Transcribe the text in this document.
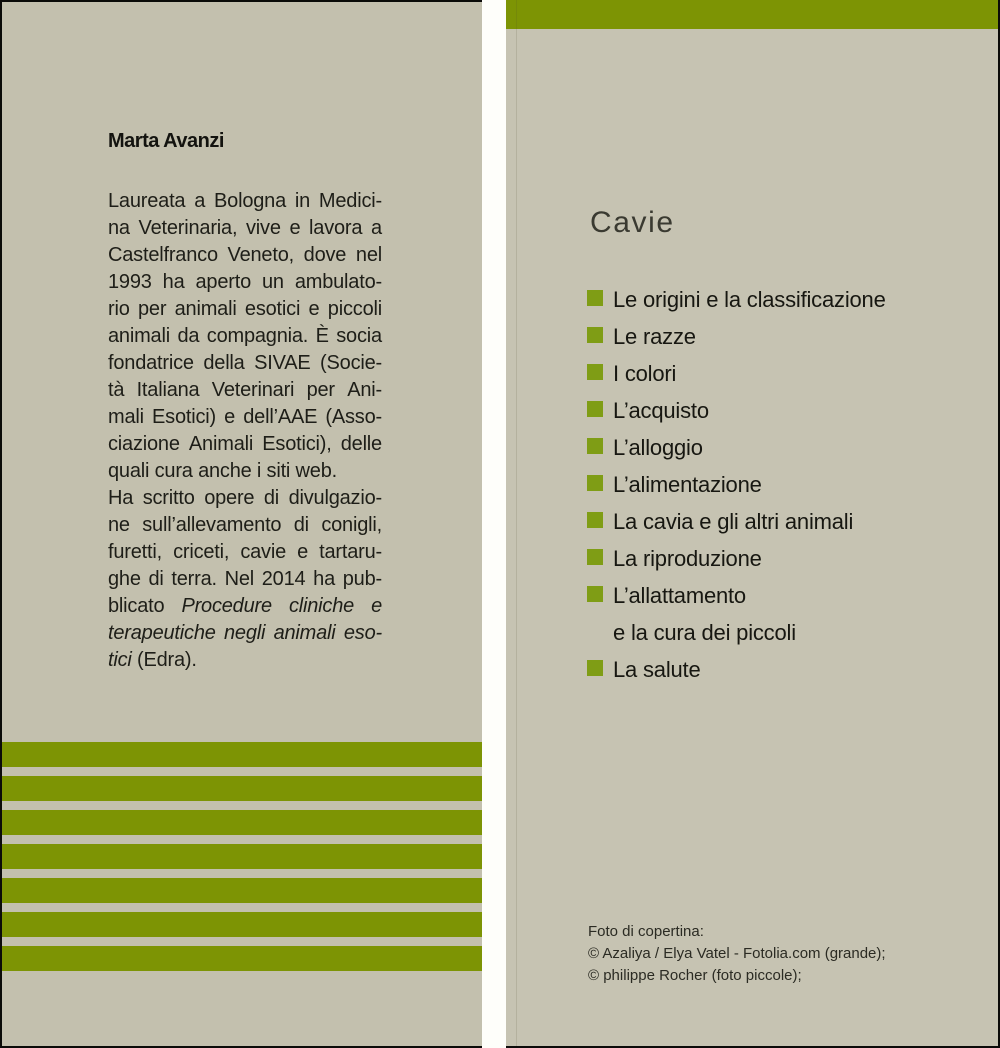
Marta Avanzi
Laureata a Bologna in Medici-
na Veterinaria, vive e lavora a
Castelfranco Veneto, dove nel
1993 ha aperto un ambulato-
rio per animali esotici e piccoli
animali da compagnia. È socia
fondatrice della SIVAE (Socie-
tà Italiana Veterinari per Ani-
mali Esotici) e dell’AAE (Asso-
ciazione Animali Esotici), delle
quali cura anche i siti web.
Ha scritto opere di divulgazio-
ne sull’allevamento di conigli,
furetti, criceti, cavie e tartaru-
ghe di terra. Nel 2014 ha pub-
blicato Procedure cliniche e
terapeutiche negli animali eso-
tici (Edra).
Cavie
Le origini e la classificazione
Le razze
I colori
L’acquisto
L’alloggio
L’alimentazione
La cavia e gli altri animali
La riproduzione
L’allattamento
e la cura dei piccoli
La salute
Foto di copertina:
© Azaliya / Elya Vatel - Fotolia.com (grande);
© philippe Rocher (foto piccole);
